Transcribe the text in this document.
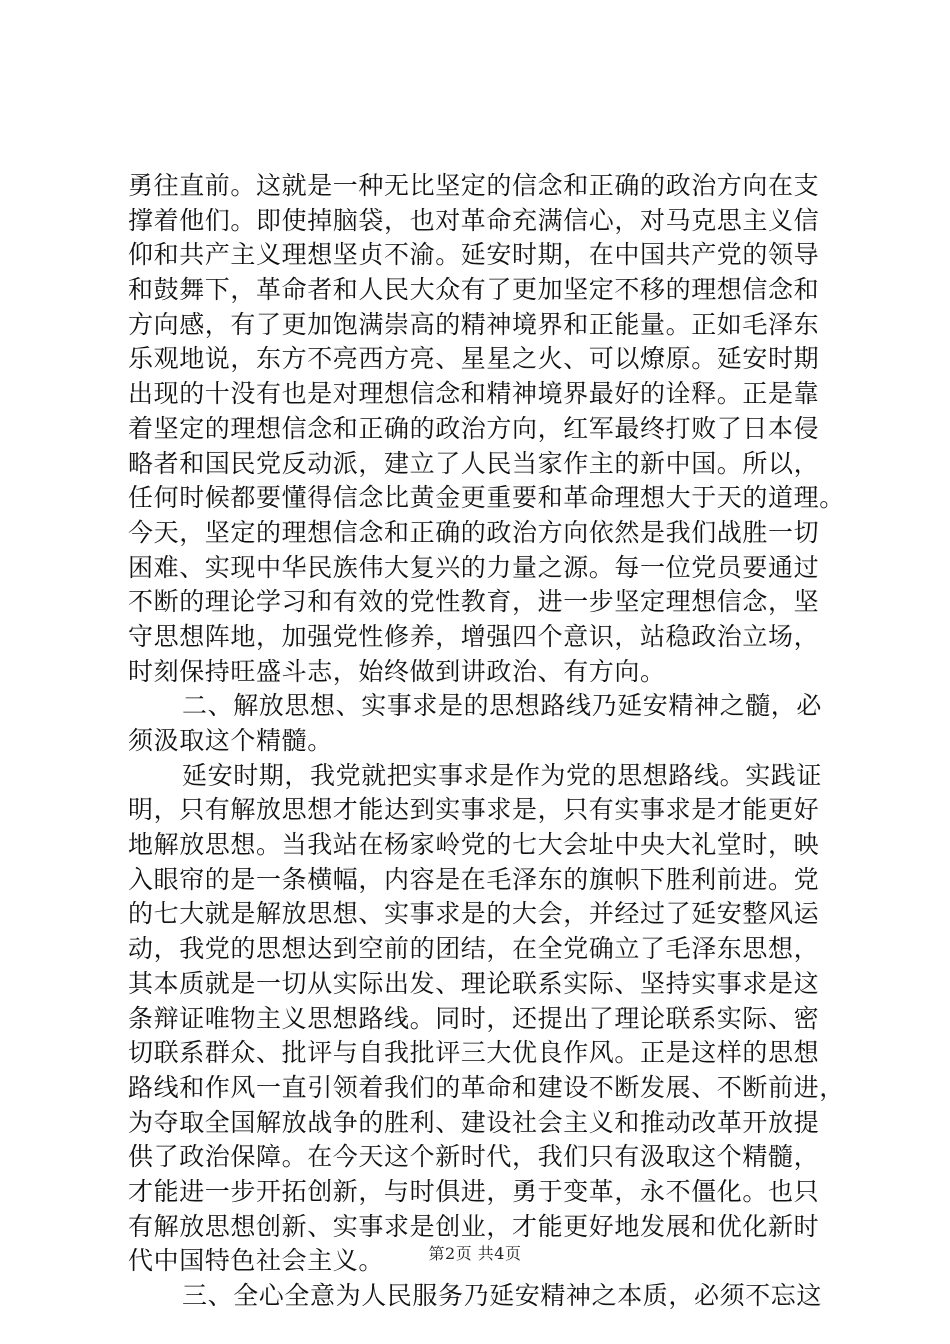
勇往直前。这就是一种无比坚定的信念和正确的政治方向在支
撑着他们。即使掉脑袋，也对革命充满信心，对马克思主义信
仰和共产主义理想坚贞不渝。延安时期，在中国共产党的领导
和鼓舞下，革命者和人民大众有了更加坚定不移的理想信念和
方向感，有了更加饱满崇高的精神境界和正能量。正如毛泽东
乐观地说，东方不亮西方亮、星星之火、可以燎原。延安时期
出现的十没有也是对理想信念和精神境界最好的诠释。正是靠
着坚定的理想信念和正确的政治方向，红军最终打败了日本侵
略者和国民党反动派，建立了人民当家作主的新中国。所以，
任何时候都要懂得信念比黄金更重要和革命理想大于天的道理。
今天，坚定的理想信念和正确的政治方向依然是我们战胜一切
困难、实现中华民族伟大复兴的力量之源。每一位党员要通过
不断的理论学习和有效的党性教育，进一步坚定理想信念，坚
守思想阵地，加强党性修养，增强四个意识，站稳政治立场，
时刻保持旺盛斗志，始终做到讲政治、有方向。
二、解放思想、实事求是的思想路线乃延安精神之髓，必
须汲取这个精髓。
延安时期，我党就把实事求是作为党的思想路线。实践证
明，只有解放思想才能达到实事求是，只有实事求是才能更好
地解放思想。当我站在杨家岭党的七大会址中央大礼堂时，映
入眼帘的是一条横幅，内容是在毛泽东的旗帜下胜利前进。党
的七大就是解放思想、实事求是的大会，并经过了延安整风运
动，我党的思想达到空前的团结，在全党确立了毛泽东思想，
其本质就是一切从实际出发、理论联系实际、坚持实事求是这
条辩证唯物主义思想路线。同时，还提出了理论联系实际、密
切联系群众、批评与自我批评三大优良作风。正是这样的思想
路线和作风一直引领着我们的革命和建设不断发展、不断前进，
为夺取全国解放战争的胜利、建设社会主义和推动改革开放提
供了政治保障。在今天这个新时代，我们只有汲取这个精髓，
才能进一步开拓创新，与时俱进，勇于变革，永不僵化。也只
有解放思想创新、实事求是创业，才能更好地发展和优化新时
代中国特色社会主义。
三、全心全意为人民服务乃延安精神之本质，必须不忘这
第2页 共4页
